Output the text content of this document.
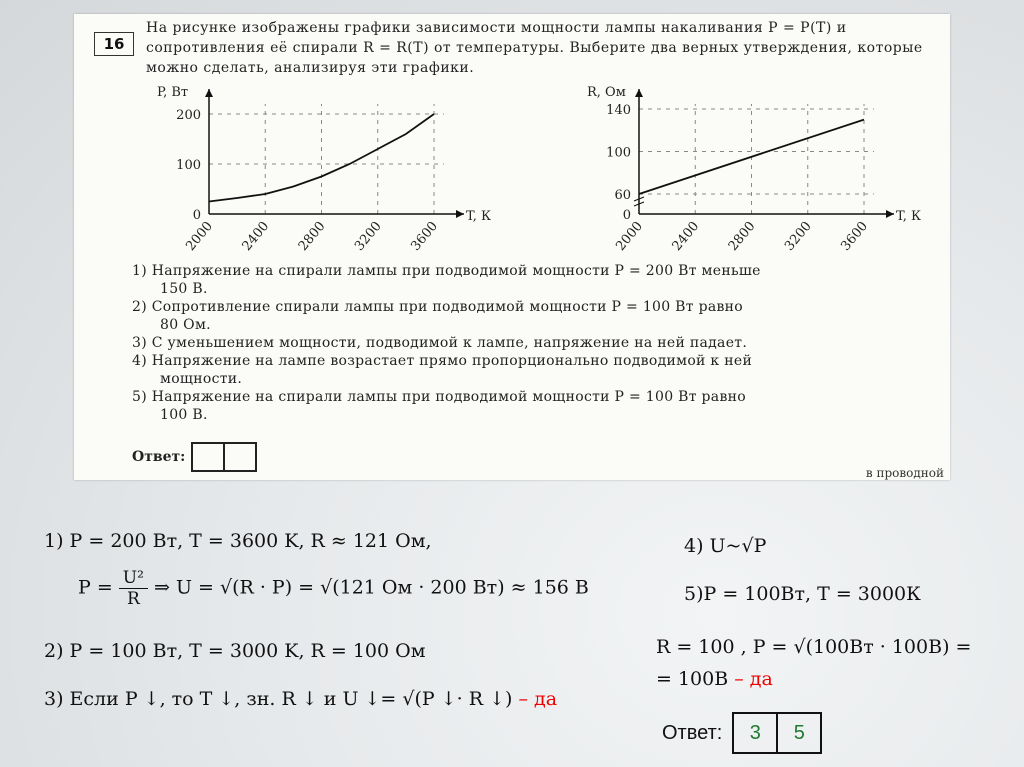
16
На рисунке изображены графики зависимости мощности лампы накаливания P = P(T) и сопротивления её спирали R = R(T) от температуры. Выберите два верных утверждения, которые можно сделать, анализируя эти графики.
P, Вт
T, К
0
100
200
2000 2400 2800 3200 3600
R, Ом
T, К
0
60
100
140
2000 2400 2800 3200 3600

1) Напряжение на спирали лампы при подводимой мощности P = 200 Вт меньше

150 В.

2) Сопротивление спирали лампы при подводимой мощности P = 100 Вт равно

80 Ом.

3) С уменьшением мощности, подводимой к лампе, напряжение на ней падает.

4) Напряжение на лампе возрастает прямо пропорционально подводимой к ней

мощности.

5) Напряжение на спирали лампы при подводимой мощности P = 100 Вт равно

100 В.

Ответ:
в проводной
1) P = 200 Вт, T = 3600 K, R ≈ 121 Ом,
$P = \frac{\text{U²}}{R}$ ⇒ U = √(R · P) = √(121 Ом · 200 Вт) ≈ 156 В
2) P = 100 Вт, T = 3000 K, R = 100 Ом
3) Если P ↓, то T ↓, зн. R ↓ и U ↓= √(P ↓· R ↓) – да
4) U~√P
5)P = 100Вт, T = 3000К
R = 100 , P = √(100Вт · 100В) =
= 100В – да
Ответ:	3	5
